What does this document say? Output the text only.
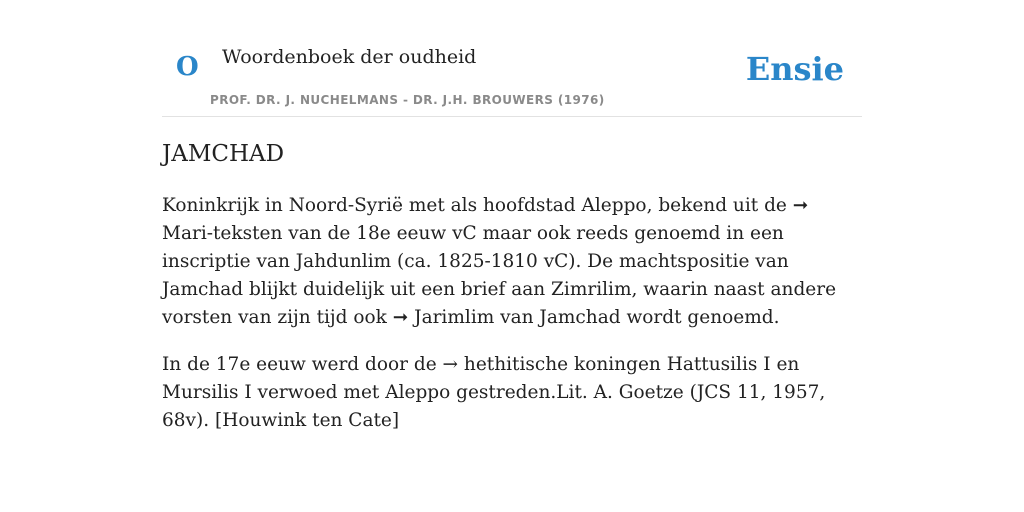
O Woordenboek der oudheid
PROF. DR. J. NUCHELMANS - DR. J.H. BROUWERS (1976)
Ensie
JAMCHAD

Koninkrijk in Noord-Syrië met als hoofdstad Aleppo, bekend uit de ➞ Mari-teksten van de 18e eeuw vC maar ook reeds genoemd in een inscriptie van Jahdunlim (ca. 1825-1810 vC). De machtspositie van Jamchad blijkt duidelijk uit een brief aan Zimrilim, waarin naast andere vorsten van zijn tijd ook ➞ Jarimlim van Jamchad wordt genoemd.

In de 17e eeuw werd door de → hethitische koningen Hattusilis I en Mursilis I verwoed met Aleppo gestreden.Lit. A. Goetze (JCS 11, 1957, 68v). [Houwink ten Cate]
